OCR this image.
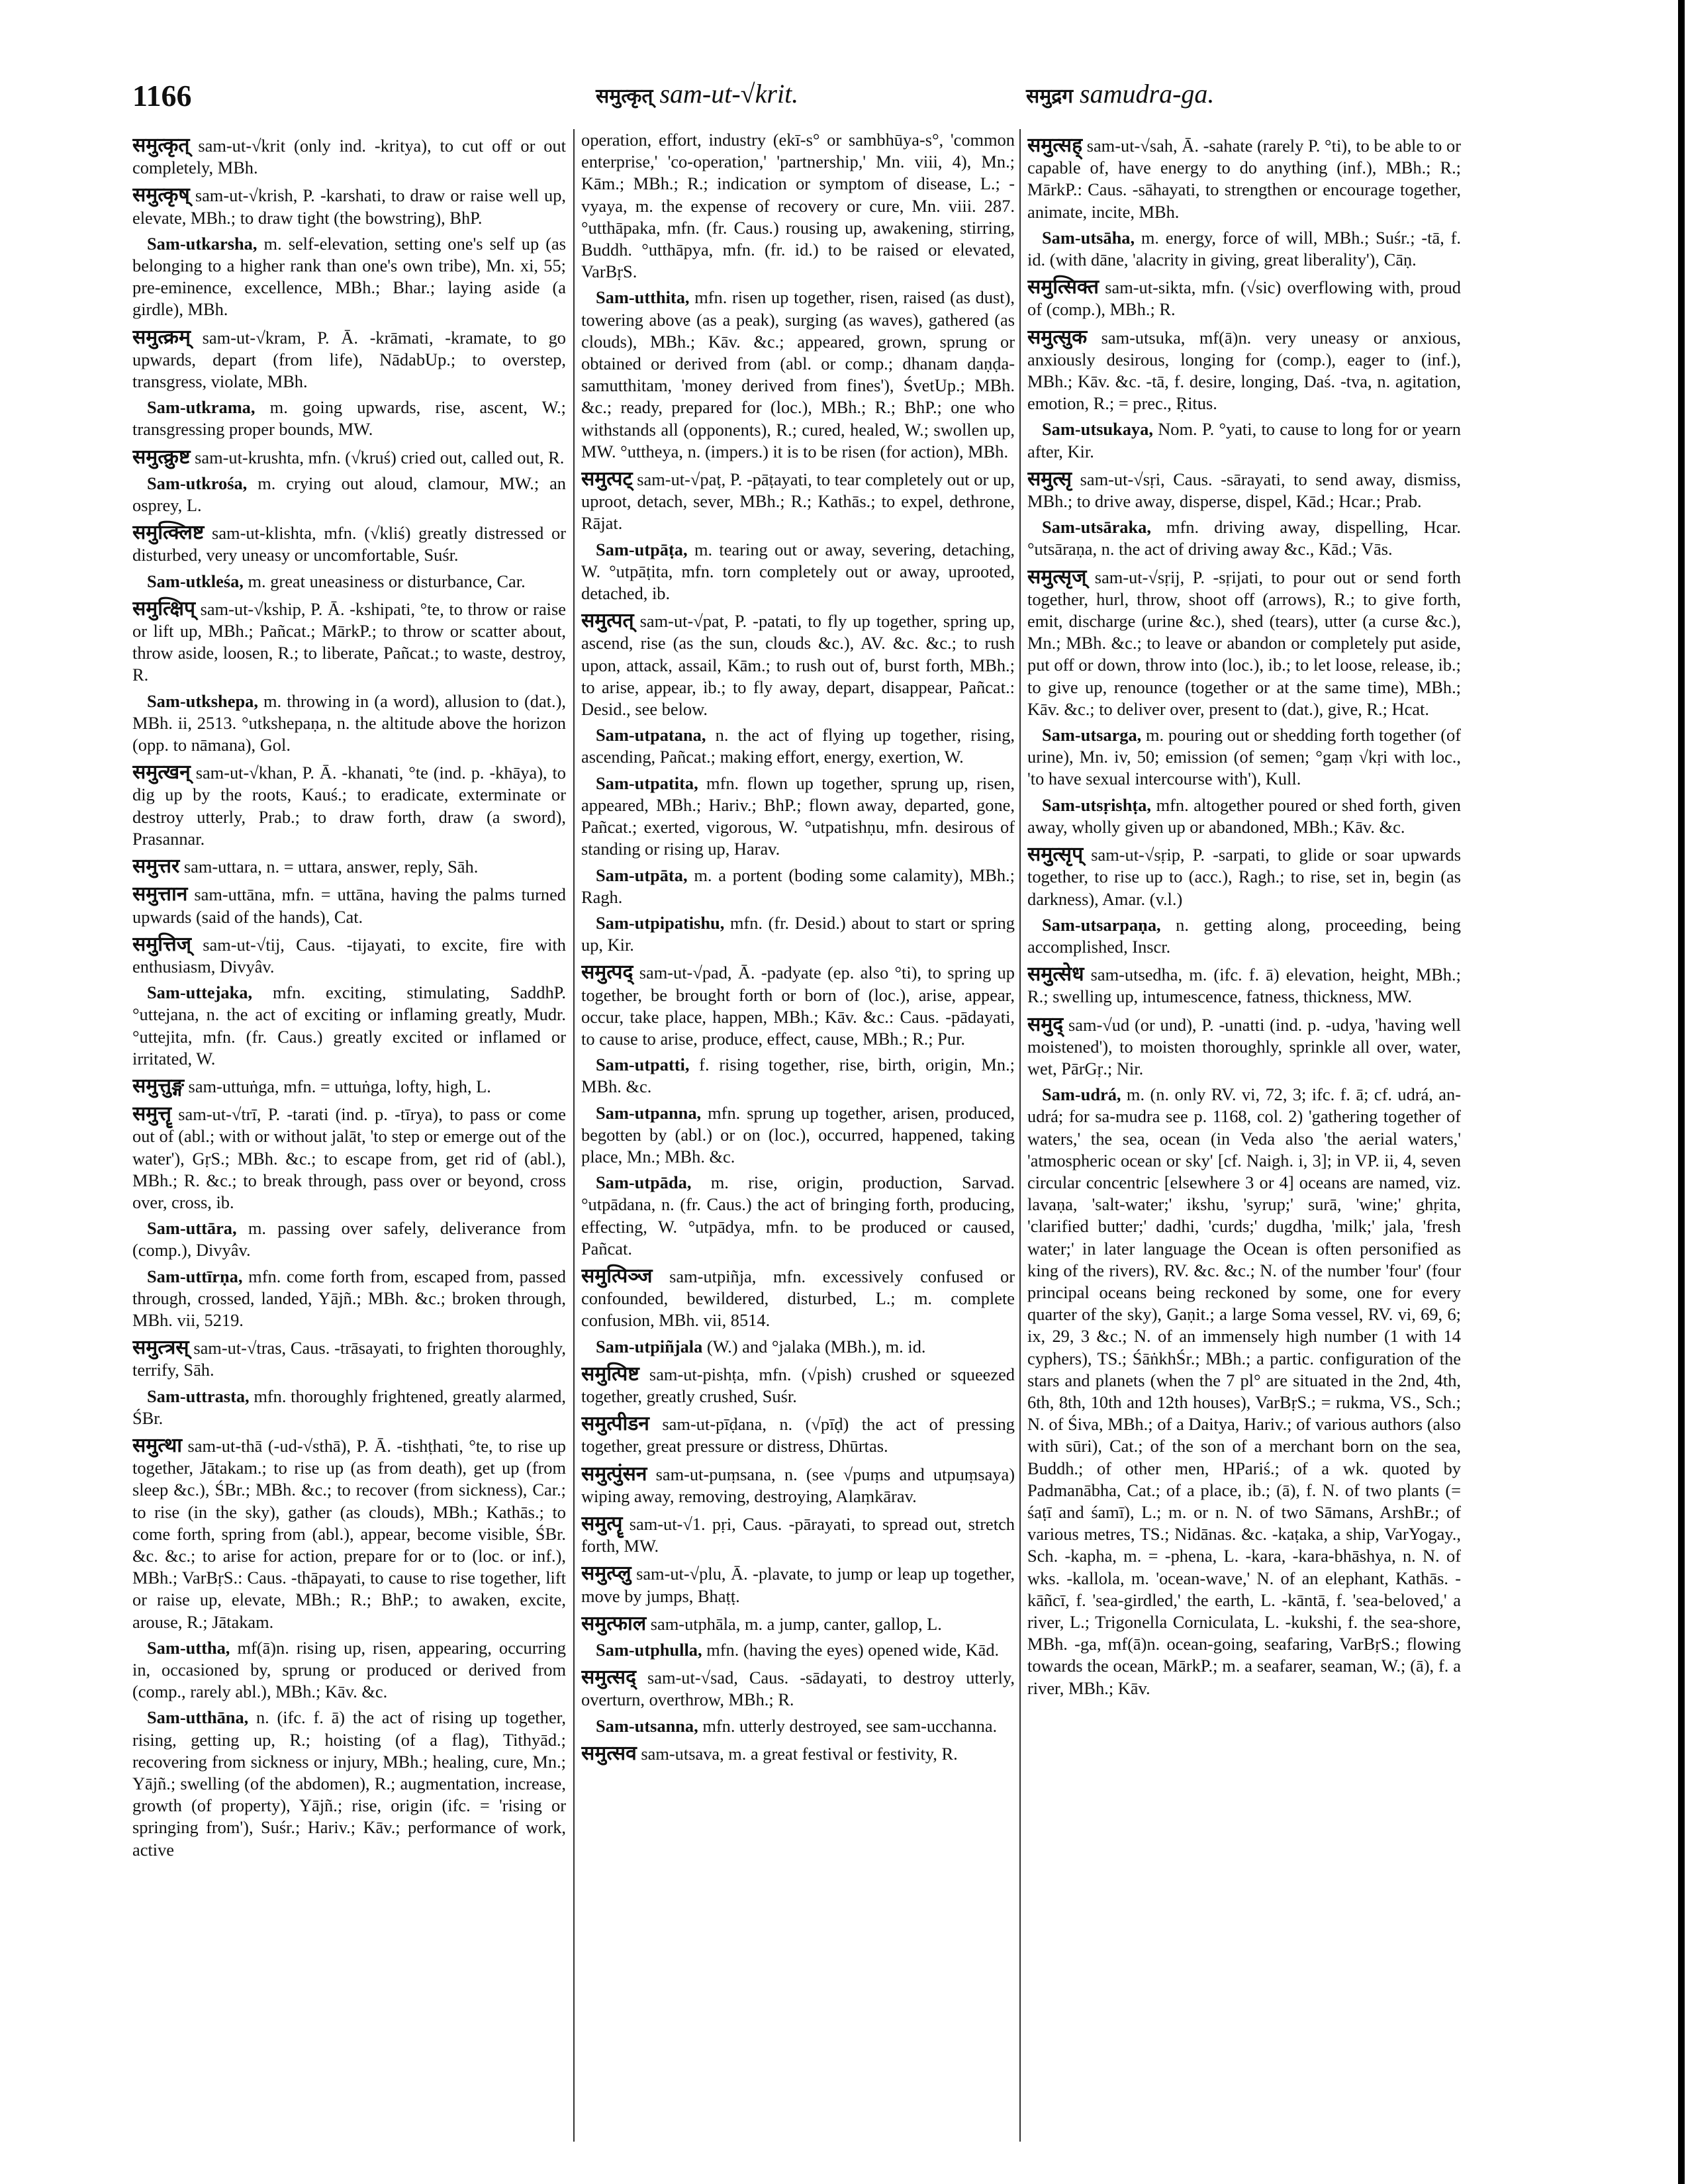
1166	समुत्कृत् sam-ut-√krit.	समुद्रग samudra-ga.

समुत्कृत् sam-ut-√krit (only ind. -krityа), to cut off or out completely, MBh.

समुत्कृष् sam-ut-√krish, P. -karshati, to draw or raise well up, elevate, MBh.; to draw tight (the bowstring), BhP.

Sam-utkarsha, m. self-elevation, setting one's self up (as belonging to a higher rank than one's own tribe), Mn. xi, 55; pre-eminence, excellence, MBh.; Bhar.; laying aside (a girdle), MBh.

समुत्क्रम् sam-ut-√kram, P. Ā. -krāmati, -kramate, to go upwards, depart (from life), NādabUp.; to overstep, transgress, violate, MBh.

Sam-utkrama, m. going upwards, rise, ascent, W.; transgressing proper bounds, MW.

समुत्क्रुष्ट sam-ut-krushta, mfn. (√kruś) cried out, called out, R.

Sam-utkrośa, m. crying out aloud, clamour, MW.; an osprey, L.

समुत्क्लिष्ट sam-ut-klishta, mfn. (√kliś) greatly distressed or disturbed, very uneasy or uncomfortable, Suśr.

Sam-utkleśa, m. great uneasiness or disturbance, Car.

समुत्क्षिप् sam-ut-√kship, P. Ā. -kshipati, °te, to throw or raise or lift up, MBh.; Pañcat.; MārkP.; to throw or scatter about, throw aside, loosen, R.; to liberate, Pañcat.; to waste, destroy, R.

Sam-utkshepa, m. throwing in (a word), allusion to (dat.), MBh. ii, 2513. °utkshepaṇa, n. the altitude above the horizon (opp. to nāmana), Gol.

समुत्खन् sam-ut-√khan, P. Ā. -khanati, °te (ind. p. -khāya), to dig up by the roots, Kauś.; to eradicate, exterminate or destroy utterly, Prab.; to draw forth, draw (a sword), Prasannar.

समुत्तर sam-uttara, n. = uttara, answer, reply, Sāh.

समुत्तान sam-uttāna, mfn. = uttāna, having the palms turned upwards (said of the hands), Cat.

समुत्तिज् sam-ut-√tij, Caus. -tijayati, to excite, fire with enthusiasm, Divyâv.

Sam-uttejaka, mfn. exciting, stimulating, SaddhP. °uttejana, n. the act of exciting or inflaming greatly, Mudr. °uttejita, mfn. (fr. Caus.) greatly excited or inflamed or irritated, W.

समुत्तुङ्ग sam-uttuṅga, mfn. = uttuṅga, lofty, high, L.

समुत्तॄ sam-ut-√trī, P. -tarati (ind. p. -tīrya), to pass or come out of (abl.; with or without jalāt, 'to step or emerge out of the water'), GṛS.; MBh. &c.; to escape from, get rid of (abl.), MBh.; R. &c.; to break through, pass over or beyond, cross over, cross, ib.

Sam-uttāra, m. passing over safely, deliverance from (comp.), Divyâv.

Sam-uttīrṇa, mfn. come forth from, escaped from, passed through, crossed, landed, Yājñ.; MBh. &c.; broken through, MBh. vii, 5219.

समुत्त्रस् sam-ut-√tras, Caus. -trāsayati, to frighten thoroughly, terrify, Sāh.

Sam-uttrasta, mfn. thoroughly frightened, greatly alarmed, ŚBr.

समुत्था sam-ut-thā (-ud-√sthā), P. Ā. -tishṭhati, °te, to rise up together, Jātakam.; to rise up (as from death), get up (from sleep &c.), ŚBr.; MBh. &c.; to recover (from sickness), Car.; to rise (in the sky), gather (as clouds), MBh.; Kathās.; to come forth, spring from (abl.), appear, become visible, ŚBr. &c. &c.; to arise for action, prepare for or to (loc. or inf.), MBh.; VarBṛS.: Caus. -thāpayati, to cause to rise together, lift or raise up, elevate, MBh.; R.; BhP.; to awaken, excite, arouse, R.; Jātakam.

Sam-uttha, mf(ā)n. rising up, risen, appearing, occurring in, occasioned by, sprung or produced or derived from (comp., rarely abl.), MBh.; Kāv. &c.

Sam-utthāna, n. (ifc. f. ā) the act of rising up together, rising, getting up, R.; hoisting (of a flag), Tithyād.; recovering from sickness or injury, MBh.; healing, cure, Mn.; Yājñ.; swelling (of the abdomen), R.; augmentation, increase, growth (of property), Yājñ.; rise, origin (ifc. = 'rising or springing from'), Suśr.; Hariv.; Kāv.; performance of work, active

operation, effort, industry (ekī-s° or sambhūya-s°, 'common enterprise,' 'co-operation,' 'partnership,' Mn. viii, 4), Mn.; Kām.; MBh.; R.; indication or symptom of disease, L.; -vyaya, m. the expense of recovery or cure, Mn. viii. 287. °utthāpaka, mfn. (fr. Caus.) rousing up, awakening, stirring, Buddh. °utthāpya, mfn. (fr. id.) to be raised or elevated, VarBṛS.

Sam-utthita, mfn. risen up together, risen, raised (as dust), towering above (as a peak), surging (as waves), gathered (as clouds), MBh.; Kāv. &c.; appeared, grown, sprung or obtained or derived from (abl. or comp.; dhanam daṇḍa-samutthitam, 'money derived from fines'), ŚvetUp.; MBh. &c.; ready, prepared for (loc.), MBh.; R.; BhP.; one who withstands all (opponents), R.; cured, healed, W.; swollen up, MW. °uttheya, n. (impers.) it is to be risen (for action), MBh.

समुत्पट् sam-ut-√paṭ, P. -pāṭayati, to tear completely out or up, uproot, detach, sever, MBh.; R.; Kathās.; to expel, dethrone, Rājat.

Sam-utpāṭa, m. tearing out or away, severing, detaching, W. °utpāṭita, mfn. torn completely out or away, uprooted, detached, ib.

समुत्पत् sam-ut-√pat, P. -patati, to fly up together, spring up, ascend, rise (as the sun, clouds &c.), AV. &c. &c.; to rush upon, attack, assail, Kām.; to rush out of, burst forth, MBh.; to arise, appear, ib.; to fly away, depart, disappear, Pañcat.: Desid., see below.

Sam-utpatana, n. the act of flying up together, rising, ascending, Pañcat.; making effort, energy, exertion, W.

Sam-utpatita, mfn. flown up together, sprung up, risen, appeared, MBh.; Hariv.; BhP.; flown away, departed, gone, Pañcat.; exerted, vigorous, W. °utpatishṇu, mfn. desirous of standing or rising up, Harav.

Sam-utpāta, m. a portent (boding some calamity), MBh.; Ragh.

Sam-utpipatishu, mfn. (fr. Desid.) about to start or spring up, Kir.

समुत्पद् sam-ut-√pad, Ā. -padyate (ep. also °ti), to spring up together, be brought forth or born of (loc.), arise, appear, occur, take place, happen, MBh.; Kāv. &c.: Caus. -pādayati, to cause to arise, produce, effect, cause, MBh.; R.; Pur.

Sam-utpatti, f. rising together, rise, birth, origin, Mn.; MBh. &c.

Sam-utpanna, mfn. sprung up together, arisen, produced, begotten by (abl.) or on (loc.), occurred, happened, taking place, Mn.; MBh. &c.

Sam-utpāda, m. rise, origin, production, Sarvad. °utpādana, n. (fr. Caus.) the act of bringing forth, producing, effecting, W. °utpādya, mfn. to be produced or caused, Pañcat.

समुत्पिञ्ज sam-utpiñja, mfn. excessively confused or confounded, bewildered, disturbed, L.; m. complete confusion, MBh. vii, 8514.

Sam-utpiñjala (W.) and °jalaka (MBh.), m. id.

समुत्पिष्ट sam-ut-pishṭa, mfn. (√pish) crushed or squeezed together, greatly crushed, Suśr.

समुत्पीडन sam-ut-pīḍana, n. (√pīḍ) the act of pressing together, great pressure or distress, Dhūrtas.

समुत्पुंसन sam-ut-puṃsana, n. (see √puṃs and utpuṃsaya) wiping away, removing, destroying, Alaṃkārav.

समुत्पॄ sam-ut-√1. pṛi, Caus. -pārayati, to spread out, stretch forth, MW.

समुत्प्लु sam-ut-√plu, Ā. -plavate, to jump or leap up together, move by jumps, Bhaṭṭ.

समुत्फाल sam-utphāla, m. a jump, canter, gallop, L.

Sam-utphulla, mfn. (having the eyes) opened wide, Kād.

समुत्सद् sam-ut-√sad, Caus. -sādayati, to destroy utterly, overturn, overthrow, MBh.; R.

Sam-utsanna, mfn. utterly destroyed, see sam-ucchanna.

समुत्सव sam-utsava, m. a great festival or festivity, R.

समुत्सह् sam-ut-√sah, Ā. -sahate (rarely P. °ti), to be able to or capable of, have energy to do anything (inf.), MBh.; R.; MārkP.: Caus. -sāhayati, to strengthen or encourage together, animate, incite, MBh.

Sam-utsāha, m. energy, force of will, MBh.; Suśr.; -tā, f. id. (with dāne, 'alacrity in giving, great liberality'), Cāṇ.

समुत्सिक्त sam-ut-sikta, mfn. (√sic) overflowing with, proud of (comp.), MBh.; R.

समुत्सुक sam-utsuka, mf(ā)n. very uneasy or anxious, anxiously desirous, longing for (comp.), eager to (inf.), MBh.; Kāv. &c. -tā, f. desire, longing, Daś. -tva, n. agitation, emotion, R.; = prec., Ṛitus.

Sam-utsukaya, Nom. P. °yati, to cause to long for or yearn after, Kir.

समुत्सृ sam-ut-√sṛi, Caus. -sārayati, to send away, dismiss, MBh.; to drive away, disperse, dispel, Kād.; Hcar.; Prab.

Sam-utsāraka, mfn. driving away, dispelling, Hcar. °utsāraṇa, n. the act of driving away &c., Kād.; Vās.

समुत्सृज् sam-ut-√sṛij, P. -sṛijati, to pour out or send forth together, hurl, throw, shoot off (arrows), R.; to give forth, emit, discharge (urine &c.), shed (tears), utter (a curse &c.), Mn.; MBh. &c.; to leave or abandon or completely put aside, put off or down, throw into (loc.), ib.; to let loose, release, ib.; to give up, renounce (together or at the same time), MBh.; Kāv. &c.; to deliver over, present to (dat.), give, R.; Hcat.

Sam-utsarga, m. pouring out or shedding forth together (of urine), Mn. iv, 50; emission (of semen; °gaṃ √kṛi with loc., 'to have sexual intercourse with'), Kull.

Sam-utsṛishṭa, mfn. altogether poured or shed forth, given away, wholly given up or abandoned, MBh.; Kāv. &c.

समुत्सृप् sam-ut-√sṛip, P. -sarpati, to glide or soar upwards together, to rise up to (acc.), Ragh.; to rise, set in, begin (as darkness), Amar. (v.l.)

Sam-utsarpaṇa, n. getting along, proceeding, being accomplished, Inscr.

समुत्सेध sam-utsedha, m. (ifc. f. ā) elevation, height, MBh.; R.; swelling up, intumescence, fatness, thickness, MW.

समुद् sam-√ud (or und), P. -unatti (ind. p. -udya, 'having well moistened'), to moisten thoroughly, sprinkle all over, water, wet, PārGṛ.; Nir.

Sam-udrá, m. (n. only RV. vi, 72, 3; ifc. f. ā; cf. udrá, an-udrá; for sa-mudra see p. 1168, col. 2) 'gathering together of waters,' the sea, ocean (in Veda also 'the aerial waters,' 'atmospheric ocean or sky' [cf. Naigh. i, 3]; in VP. ii, 4, seven circular concentric [elsewhere 3 or 4] oceans are named, viz. lavaṇa, 'salt-water;' ikshu, 'syrup;' surā, 'wine;' ghṛita, 'clarified butter;' dadhi, 'curds;' dugdha, 'milk;' jala, 'fresh water;' in later language the Ocean is often personified as king of the rivers), RV. &c. &c.; N. of the number 'four' (four principal oceans being reckoned by some, one for every quarter of the sky), Gaṇit.; a large Soma vessel, RV. vi, 69, 6; ix, 29, 3 &c.; N. of an immensely high number (1 with 14 cyphers), TS.; ŚāṅkhŚr.; MBh.; a partic. configuration of the stars and planets (when the 7 pl° are situated in the 2nd, 4th, 6th, 8th, 10th and 12th houses), VarBṛS.; = rukma, VS., Sch.; N. of Śiva, MBh.; of a Daitya, Hariv.; of various authors (also with sūri), Cat.; of the son of a merchant born on the sea, Buddh.; of other men, HPariś.; of a wk. quoted by Padmanābha, Cat.; of a place, ib.; (ā), f. N. of two plants (= śaṭī and śamī), L.; m. or n. N. of two Sāmans, ArshBr.; of various metres, TS.; Nidānas. &c. -kaṭaka, a ship, VarYogay., Sch. -kapha, m. = -phena, L. -kara, -kara-bhāshya, n. N. of wks. -kallola, m. 'ocean-wave,' N. of an elephant, Kathās. -kāñcī, f. 'sea-girdled,' the earth, L. -kāntā, f. 'sea-beloved,' a river, L.; Trigonella Corniculata, L. -kukshi, f. the sea-shore, MBh. -ga, mf(ā)n. ocean-going, seafaring, VarBṛS.; flowing towards the ocean, MārkP.; m. a seafarer, seaman, W.; (ā), f. a river, MBh.; Kāv.
